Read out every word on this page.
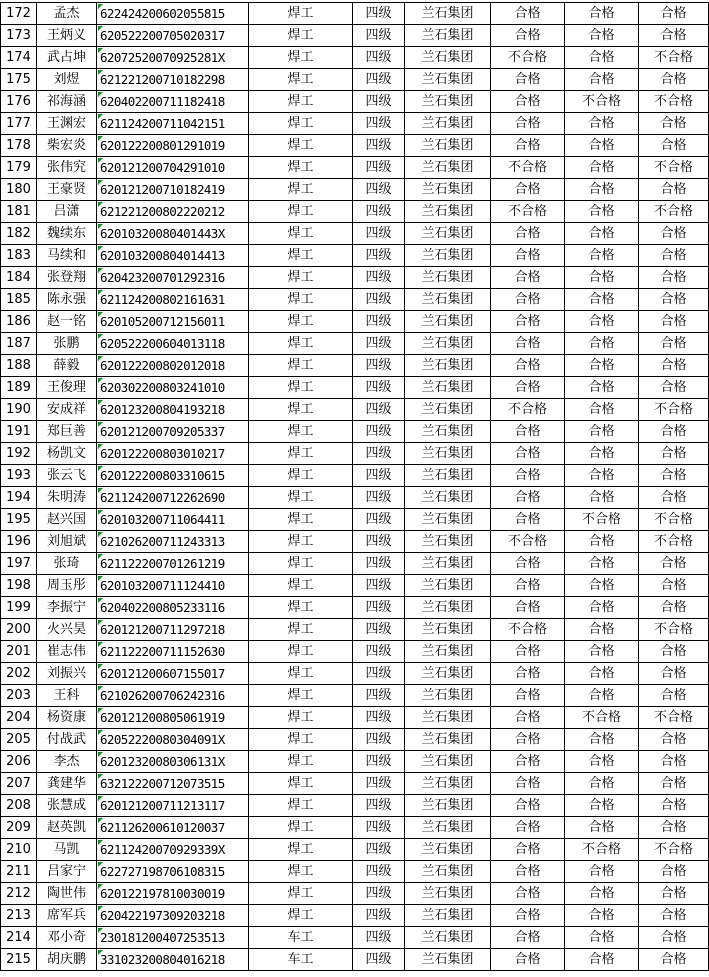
172	孟杰	622424200602055815	焊工	四级	兰石集团	合格	合格	合格
173	王炳义	620522200705020317	焊工	四级	兰石集团	合格	合格	合格
174	武占坤	62072520070925281X	焊工	四级	兰石集团	不合格	合格	不合格
175	刘煜	621221200710182298	焊工	四级	兰石集团	合格	合格	合格
176	祁海涵	620402200711182418	焊工	四级	兰石集团	合格	不合格	不合格
177	王渊宏	621124200711042151	焊工	四级	兰石集团	合格	合格	合格
178	柴宏炎	620122200801291019	焊工	四级	兰石集团	合格	合格	合格
179	张伟究	620121200704291010	焊工	四级	兰石集团	不合格	合格	不合格
180	王豪贤	620121200710182419	焊工	四级	兰石集团	合格	合格	合格
181	吕潇	621221200802220212	焊工	四级	兰石集团	不合格	合格	不合格
182	魏续东	62010320080401443X	焊工	四级	兰石集团	合格	合格	合格
183	马续和	620103200804014413	焊工	四级	兰石集团	合格	合格	合格
184	张登翔	620423200701292316	焊工	四级	兰石集团	合格	合格	合格
185	陈永强	621124200802161631	焊工	四级	兰石集团	合格	合格	合格
186	赵一铭	620105200712156011	焊工	四级	兰石集团	合格	合格	合格
187	张鹏	620522200604013118	焊工	四级	兰石集团	合格	合格	合格
188	薛毅	620122200802012018	焊工	四级	兰石集团	合格	合格	合格
189	王俊理	620302200803241010	焊工	四级	兰石集团	合格	合格	合格
190	安成祥	620123200804193218	焊工	四级	兰石集团	不合格	合格	不合格
191	郑巨善	620121200709205337	焊工	四级	兰石集团	合格	合格	合格
192	杨凯文	620122200803010217	焊工	四级	兰石集团	合格	合格	合格
193	张云飞	620122200803310615	焊工	四级	兰石集团	合格	合格	合格
194	朱明涛	621124200712262690	焊工	四级	兰石集团	合格	合格	合格
195	赵兴国	620103200711064411	焊工	四级	兰石集团	合格	不合格	不合格
196	刘旭斌	621026200711243313	焊工	四级	兰石集团	不合格	合格	不合格
197	张琦	621122200701261219	焊工	四级	兰石集团	合格	合格	合格
198	周玉彤	620103200711124410	焊工	四级	兰石集团	合格	合格	合格
199	李振宁	620402200805233116	焊工	四级	兰石集团	合格	合格	合格
200	火兴昊	620121200711297218	焊工	四级	兰石集团	不合格	合格	不合格
201	崔志伟	621122200711152630	焊工	四级	兰石集团	合格	合格	合格
202	刘振兴	620121200607155017	焊工	四级	兰石集团	合格	合格	合格
203	王科	621026200706242316	焊工	四级	兰石集团	合格	合格	合格
204	杨资康	620121200805061919	焊工	四级	兰石集团	合格	不合格	不合格
205	付战武	62052220080304091X	焊工	四级	兰石集团	合格	合格	合格
206	李杰	62012320080306131X	焊工	四级	兰石集团	合格	合格	合格
207	龚建华	632122200712073515	焊工	四级	兰石集团	合格	合格	合格
208	张慧成	620121200711213117	焊工	四级	兰石集团	合格	合格	合格
209	赵英凯	621126200610120037	焊工	四级	兰石集团	合格	合格	合格
210	马凯	62112420070929339X	焊工	四级	兰石集团	合格	不合格	不合格
211	吕家宁	622727198706108315	焊工	四级	兰石集团	合格	合格	合格
212	陶世伟	620122197810030019	焊工	四级	兰石集团	合格	合格	合格
213	席军兵	620422197309203218	焊工	四级	兰石集团	合格	合格	合格
214	邓小奇	230181200407253513	车工	四级	兰石集团	合格	合格	合格
215	胡庆鹏	331023200804016218	车工	四级	兰石集团	合格	合格	合格
